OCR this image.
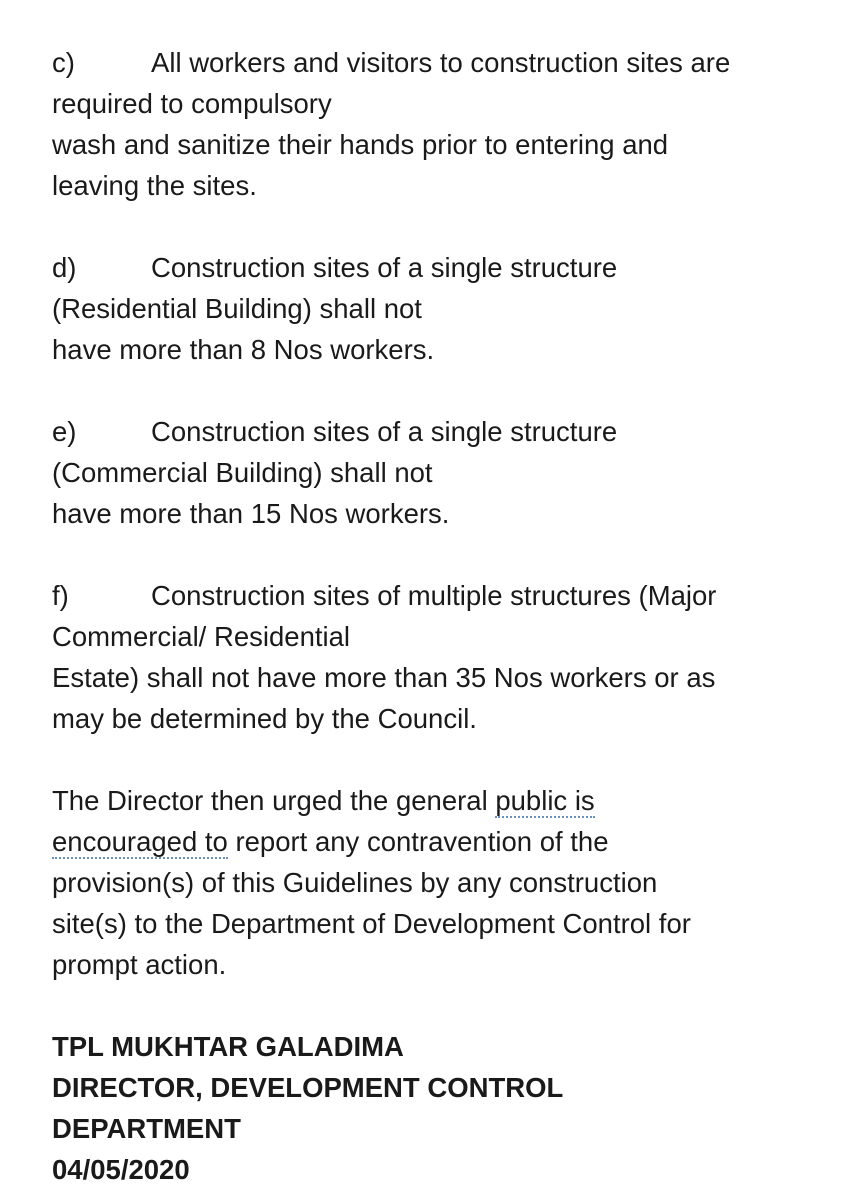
c)	All workers and visitors to construction sites are
required to compulsory
wash and sanitize their hands prior to entering and
leaving the sites.
d)	Construction sites of a single structure
(Residential Building) shall not
have more than 8 Nos workers.
e)	Construction sites of a single structure
(Commercial Building) shall not
have more than 15 Nos workers.
f)	Construction sites of multiple structures (Major
Commercial/ Residential
Estate) shall not have more than 35 Nos workers or as
may be determined by the Council.
The Director then urged the general public is
encouraged to report any contravention of the
provision(s) of this Guidelines by any construction
site(s) to the Department of Development Control for
prompt action.
TPL MUKHTAR GALADIMA
DIRECTOR, DEVELOPMENT CONTROL
DEPARTMENT
04/05/2020
